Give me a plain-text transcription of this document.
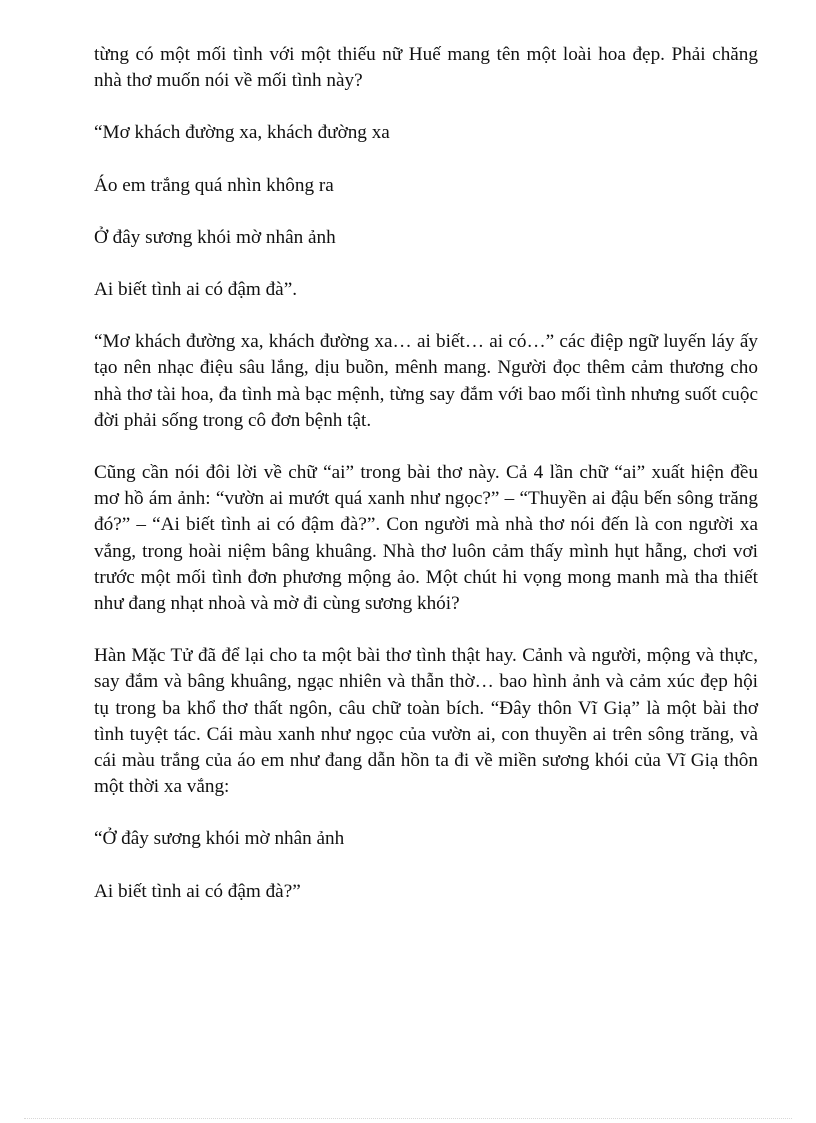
từng có một mối tình với một thiếu nữ Huế mang tên một loài hoa đẹp. Phải chăng nhà thơ muốn nói về mối tình này?

“Mơ khách đường xa, khách đường xa

Áo em trắng quá nhìn không ra

Ở đây sương khói mờ nhân ảnh

Ai biết tình ai có đậm đà”.

“Mơ khách đường xa, khách đường xa… ai biết… ai có…” các điệp ngữ luyến láy ấy tạo nên nhạc điệu sâu lắng, dịu buồn, mênh mang. Người đọc thêm cảm thương cho nhà thơ tài hoa, đa tình mà bạc mệnh, từng say đắm với bao mối tình nhưng suốt cuộc đời phải sống trong cô đơn bệnh tật.

Cũng cần nói đôi lời về chữ “ai” trong bài thơ này. Cả 4 lần chữ “ai” xuất hiện đều mơ hồ ám ảnh: “vườn ai mướt quá xanh như ngọc?” – “Thuyền ai đậu bến sông trăng đó?” – “Ai biết tình ai có đậm đà?”. Con người mà nhà thơ nói đến là con người xa vắng, trong hoài niệm bâng khuâng. Nhà thơ luôn cảm thấy mình hụt hẫng, chơi vơi trước một mối tình đơn phương mộng ảo. Một chút hi vọng mong manh mà tha thiết như đang nhạt nhoà và mờ đi cùng sương khói?

Hàn Mặc Tử đã để lại cho ta một bài thơ tình thật hay. Cảnh và người, mộng và thực, say đắm và bâng khuâng, ngạc nhiên và thẫn thờ… bao hình ảnh và cảm xúc đẹp hội tụ trong ba khổ thơ thất ngôn, câu chữ toàn bích. “Đây thôn Vĩ Giạ” là một bài thơ tình tuyệt tác. Cái màu xanh như ngọc của vườn ai, con thuyền ai trên sông trăng, và cái màu trắng của áo em như đang dẫn hồn ta đi về miền sương khói của Vĩ Giạ thôn một thời xa vắng:

“Ở đây sương khói mờ nhân ảnh

Ai biết tình ai có đậm đà?”
